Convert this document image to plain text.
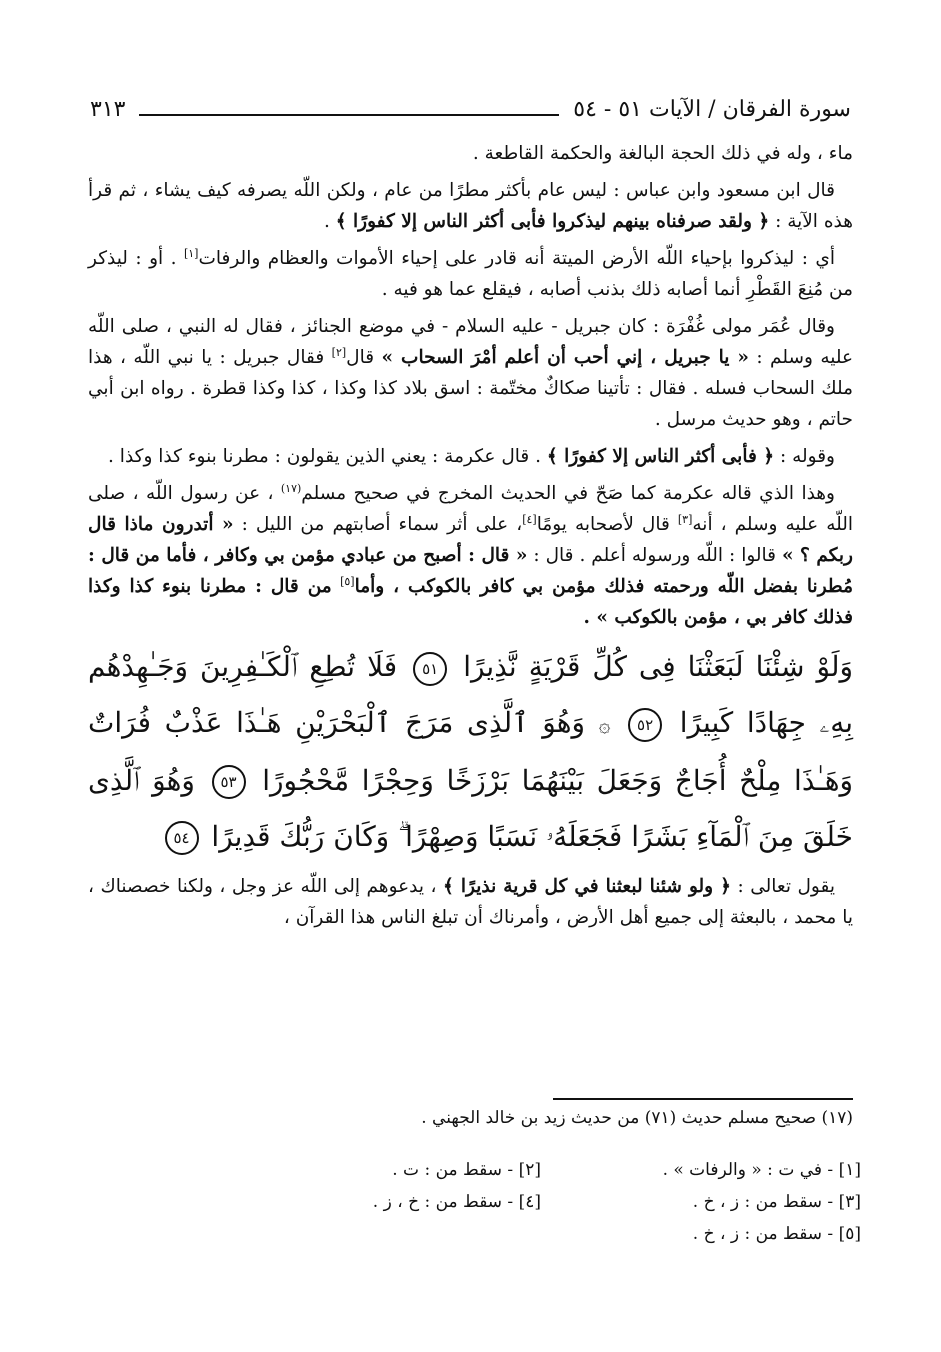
سورة الفرقان / الآيات ٥١ - ٥٤
٣١٣

ماء ، وله في ذلك الحجة البالغة والحكمة القاطعة .

قال ابن مسعود وابن عباس : ليس عام بأكثر مطرًا من عام ، ولكن اللّه يصرفه كيف يشاء ، ثم قرأ هذه الآية : ﴿ ولقد صرفناه بينهم ليذكروا فأبى أكثر الناس إلا كفورًا ﴾ .

أي : ليذكروا بإحياء اللّه الأرض الميتة أنه قادر على إحياء الأموات والعظام والرفات[١] . أو : ليذكر من مُنِعَ القَطْرِ أنما أصابه ذلك بذنب أصابه ، فيقلع عما هو فيه .

وقال عُمَر مولى غُفْرَة : كان جبريل - عليه السلام - في موضع الجنائز ، فقال له النبي ، صلى اللّه عليه وسلم : « يا جبريل ، إني أحب أن أعلم أمْرَ السحاب » قال[٢] فقال جبريل : يا نبي اللّه ، هذا ملك السحاب فسله . فقال : تأتينا صكاكٌ مختّمة : اسق بلاد كذا وكذا ، كذا وكذا قطرة . رواه ابن أبي حاتم ، وهو حديث مرسل .

وقوله : ﴿ فأبى أكثر الناس إلا كفورًا ﴾ . قال عكرمة : يعني الذين يقولون : مطرنا بنوء كذا وكذا .

وهذا الذي قاله عكرمة كما صَحّ في الحديث المخرج في صحيح مسلم$^{(١٧)}$ ، عن رسول اللّه ، صلى اللّه عليه وسلم ، أنه[٣] قال لأصحابه يومًا[٤]، على أثر سماء أصابتهم من الليل : « أتدرون ماذا قال ربكم ؟ » قالوا : اللّه ورسوله أعلم . قال : « قال : أصبح من عبادي مؤمن بي وكافر ، فأما من قال : مُطرنا بفضل اللّه ورحمته فذلك مؤمن بي كافر بالكوكب ، وأما[٥] من قال : مطرنا بنوء كذا وكذا فذلك كافر بي ، مؤمن بالكوكب » .

وَلَوْ شِئْنَا لَبَعَثْنَا فِى كُلِّ قَرْيَةٍ نَّذِيرًا ٥١ فَلَا تُطِعِ ٱلْكَـٰفِرِينَ وَجَـٰهِدْهُم بِهِۦ جِهَادًا كَبِيرًا ٥٢ ۞ وَهُوَ ٱلَّذِى مَرَجَ ٱلْبَحْرَيْنِ هَـٰذَا عَذْبٌ فُرَاتٌ وَهَـٰذَا مِلْحٌ أُجَاجٌ وَجَعَلَ بَيْنَهُمَا بَرْزَخًا وَحِجْرًا مَّحْجُورًا ٥٣ وَهُوَ ٱلَّذِى خَلَقَ مِنَ ٱلْمَآءِ بَشَرًا فَجَعَلَهُۥ نَسَبًا وَصِهْرًا ۗ وَكَانَ رَبُّكَ قَدِيرًا ٥٤

يقول تعالى : ﴿ ولو شئنا لبعثنا في كل قرية نذيرًا ﴾ ، يدعوهم إلى اللّه عز وجل ، ولكنا خصصناك ، يا محمد ، بالبعثة إلى جميع أهل الأرض ، وأمرناك أن تبلغ الناس هذا القرآن ،

(١٧) صحيح مسلم حديث (٧١) من حديث زيد بن خالد الجهني .
[١] - في ت : « والرفات » .
[٢] - سقط من : ت .
[٣] - سقط من : ز ، خ .
[٤] - سقط من : خ ، ز .
[٥] - سقط من : ز ، خ .
